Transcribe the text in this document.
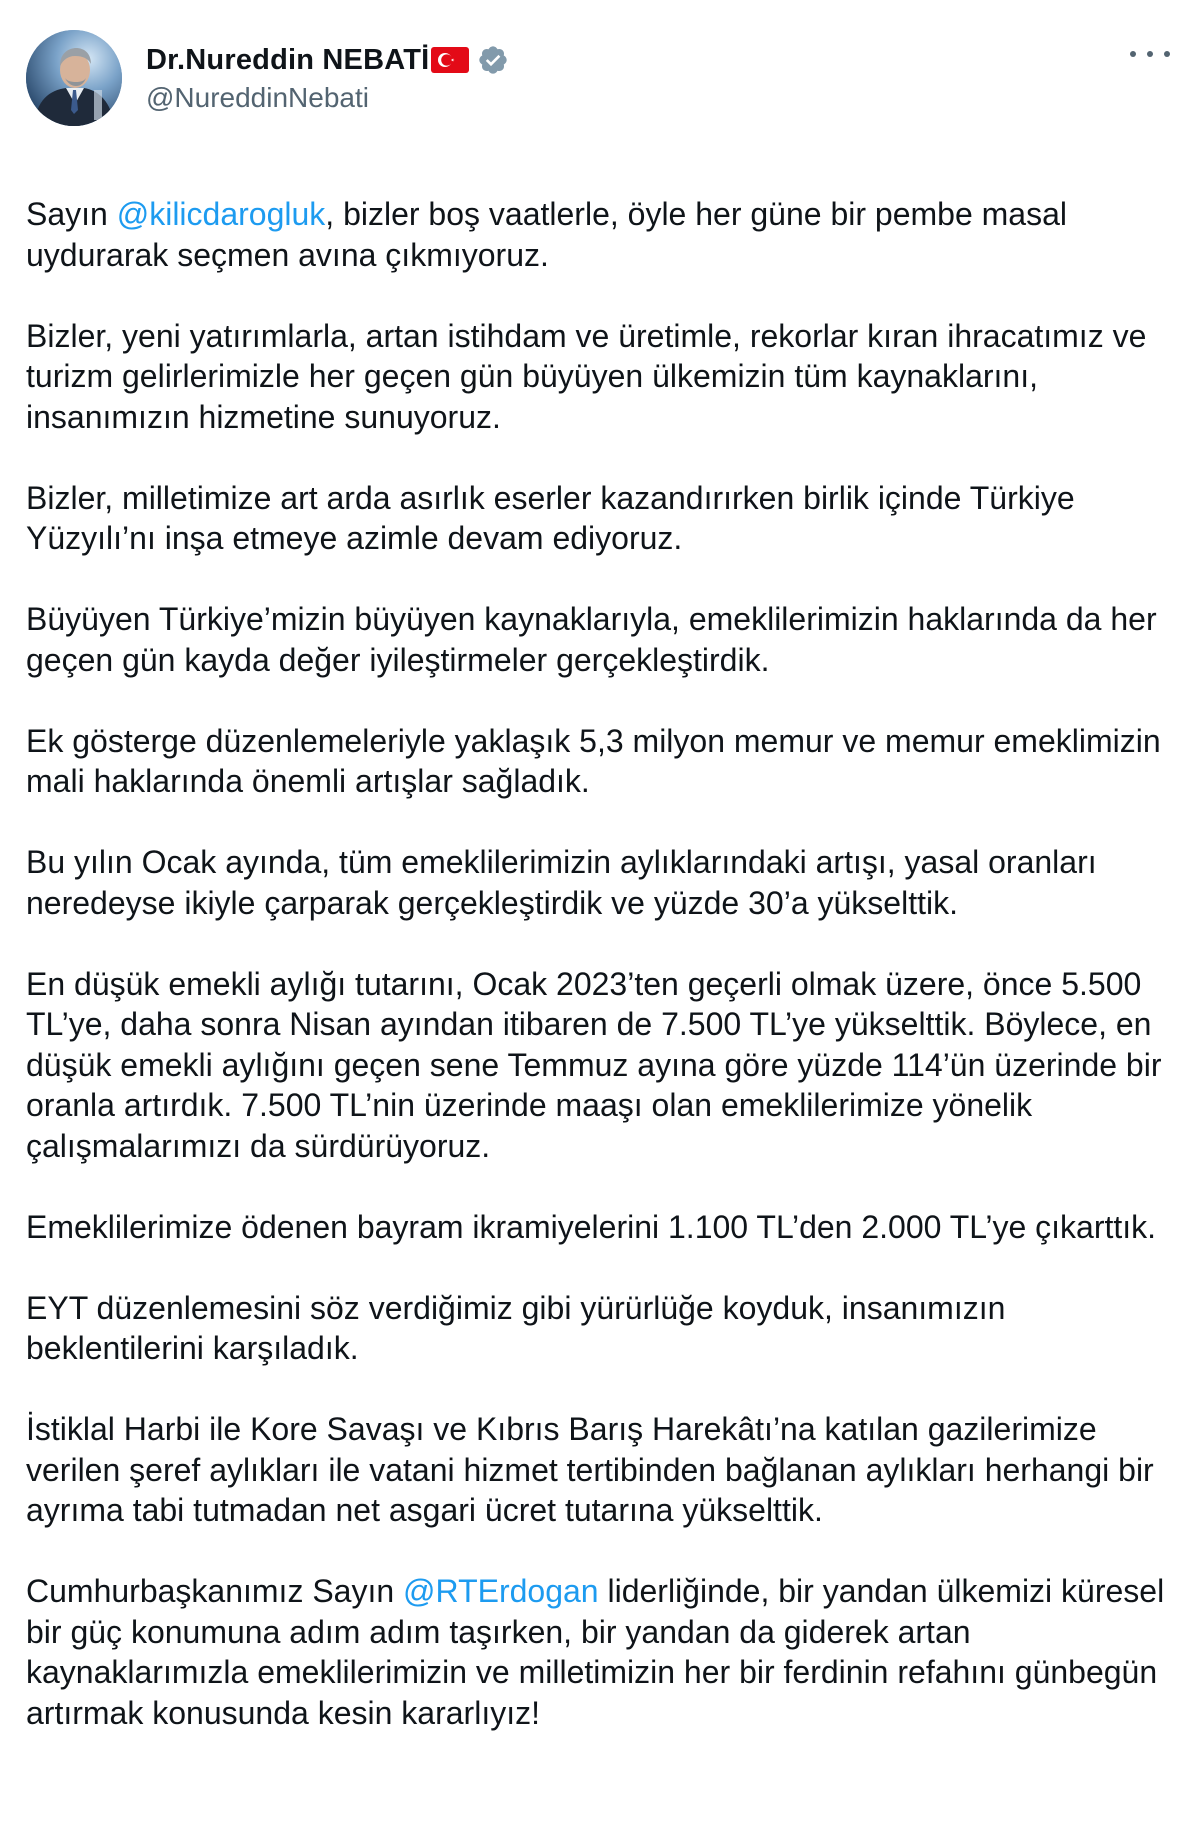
Dr.Nureddin NEBATİ
@NureddinNebati

Sayın @kilicdarogluk, bizler boş vaatlerle, öyle her güne bir pembe masal uydurarak seçmen avına çıkmıyoruz.

Bizler, yeni yatırımlarla, artan istihdam ve üretimle, rekorlar kıran ihracatımız ve turizm gelirlerimizle her geçen gün büyüyen ülkemizin tüm kaynaklarını, insanımızın hizmetine sunuyoruz.

Bizler, milletimize art arda asırlık eserler kazandırırken birlik içinde Türkiye Yüzyılı’nı inşa etmeye azimle devam ediyoruz.

Büyüyen Türkiye’mizin büyüyen kaynaklarıyla, emeklilerimizin haklarında da her geçen gün kayda değer iyileştirmeler gerçekleştirdik.

Ek gösterge düzenlemeleriyle yaklaşık 5,3 milyon memur ve memur emeklimizin mali haklarında önemli artışlar sağladık.

Bu yılın Ocak ayında, tüm emeklilerimizin aylıklarındaki artışı, yasal oranları neredeyse ikiyle çarparak gerçekleştirdik ve yüzde 30’a yükselttik.

En düşük emekli aylığı tutarını, Ocak 2023’ten geçerli olmak üzere, önce 5.500 TL’ye, daha sonra Nisan ayından itibaren de 7.500 TL’ye yükselttik. Böylece, en düşük emekli aylığını geçen sene Temmuz ayına göre yüzde 114’ün üzerinde bir oranla artırdık. 7.500 TL’nin üzerinde maaşı olan emeklilerimize yönelik çalışmalarımızı da sürdürüyoruz.

Emeklilerimize ödenen bayram ikramiyelerini 1.100 TL’den 2.000 TL’ye çıkarttık.

EYT düzenlemesini söz verdiğimiz gibi yürürlüğe koyduk, insanımızın beklentilerini karşıladık.

İstiklal Harbi ile Kore Savaşı ve Kıbrıs Barış Harekâtı’na katılan gazilerimize verilen şeref aylıkları ile vatani hizmet tertibinden bağlanan aylıkları herhangi bir ayrıma tabi tutmadan net asgari ücret tutarına yükselttik.

Cumhurbaşkanımız Sayın @RTErdogan liderliğinde, bir yandan ülkemizi küresel bir güç konumuna adım adım taşırken, bir yandan da giderek artan kaynaklarımızla emeklilerimizin ve milletimizin her bir ferdinin refahını günbegün artırmak konusunda kesin kararlıyız!
